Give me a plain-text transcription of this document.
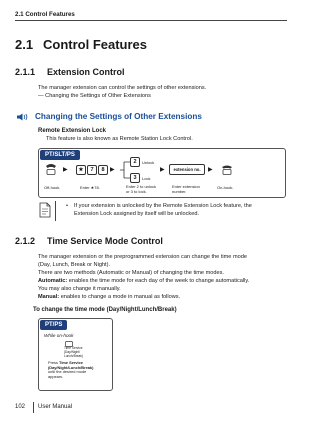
2.1 Control Features
2.1 Control Features
2.1.1 Extension Control
The manager extension can control the settings of other extensions.
— Changing the Settings of Other Extensions
Changing the Settings of Other Extensions
Remote Extension Lock
This feature is also known as Remote Station Lock Control.
PT/SLT/PS
▶	★	7	8 ▶
2	Unlock
3	Lock
▶	extension no.	▶
Off-hook.	Enter ★78.	Enter 2 to unlock
or 3 to lock.
Enter extension
number.
On-hook.
• If your extension is unlocked by the Remote Extension Lock feature, the Extension Lock assigned by itself will be unlocked.
2.1.2 Time Service Mode Control
The manager extension or the preprogrammed extension can change the time mode
(Day, Lunch, Break or Night).
There are two methods (Automatic or Manual) of changing the time modes.
Automatic: enables the time mode for each day of the week to change automatically.
You may also change it manually.
Manual: enables to change a mode in manual as follows.
To change the time mode (Day/Night/Lunch/Break)
PT/PS
While on-hook
Time Service
(Day/Night/
Lunch/Break)
Press Time Service
(Day/Night/Lunch/Break)
until the desired mode
appears.
102 User Manual
